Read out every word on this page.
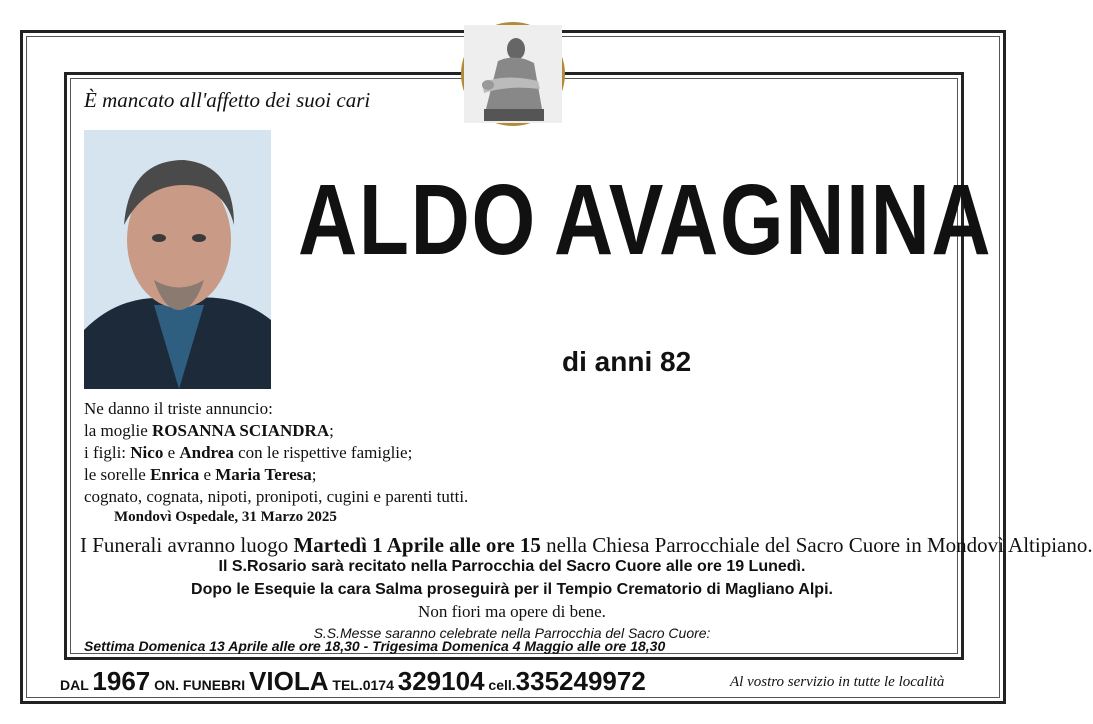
È mancato all'affetto dei suoi cari
ALDO AVAGNINA
di anni 82
Ne danno il triste annuncio:
la moglie ROSANNA SCIANDRA;
i figli: Nico e Andrea con le rispettive famiglie;
le sorelle Enrica e Maria Teresa;
cognato, cognata, nipoti, pronipoti, cugini e parenti tutti.
Mondovì Ospedale, 31 Marzo 2025
I Funerali avranno luogo Martedì 1 Aprile alle ore 15 nella Chiesa Parrocchiale del Sacro Cuore in Mondovì Altipiano.
Il S.Rosario sarà recitato nella Parrocchia del Sacro Cuore alle ore 19 Lunedì.
Dopo le Esequie la cara Salma proseguirà per il Tempio Crematorio di Magliano Alpi.
Non fiori ma opere di bene.
S.S.Messe saranno celebrate nella Parrocchia del Sacro Cuore:
Settima Domenica 13 Aprile alle ore 18,30 - Trigesima Domenica 4 Maggio alle ore 18,30
DAL 1967 ON. FUNEBRI VIOLA TEL.0174 329104 cell.335249972	Al vostro servizio in tutte le località
